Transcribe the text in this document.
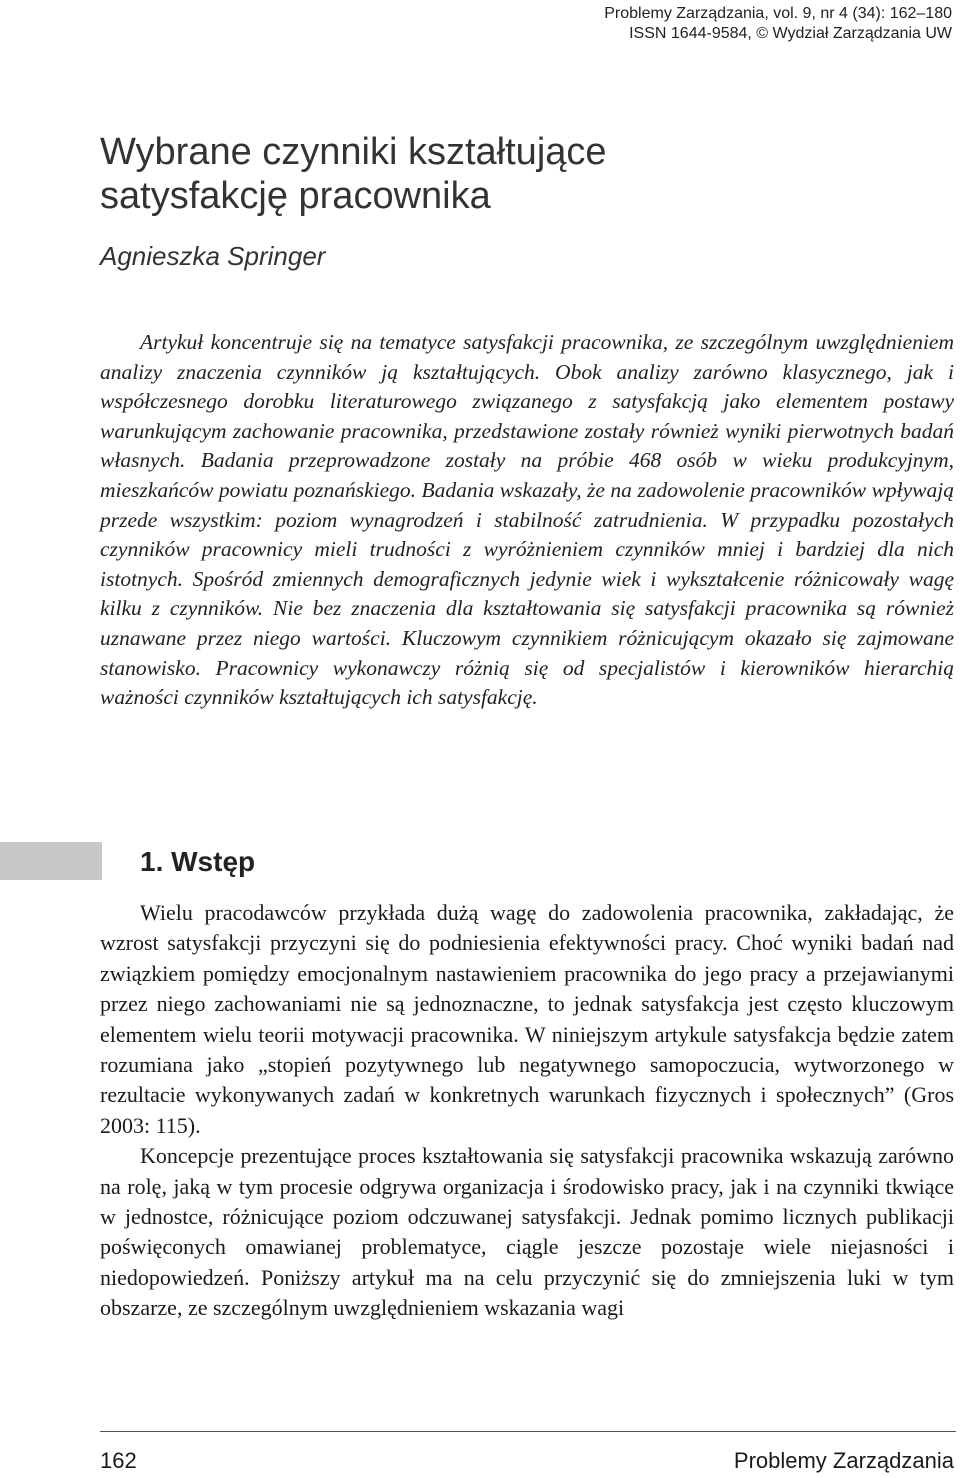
Problemy Zarządzania, vol. 9, nr 4 (34): 162–180
ISSN 1644-9584, © Wydział Zarządzania UW
Wybrane czynniki kształtujące
satysfakcję pracownika
Agnieszka Springer

Artykuł koncentruje się na tematyce satysfakcji pracownika, ze szczególnym uwzględnieniem analizy znaczenia czynników ją kształtujących. Obok analizy zarówno klasycznego, jak i współczesnego dorobku literaturowego związanego z satysfakcją jako elementem postawy warunkującym zachowanie pracownika, przedstawione zostały również wyniki pierwotnych badań własnych. Badania przeprowadzone zostały na próbie 468 osób w wieku produkcyjnym, mieszkańców powiatu poznańskiego. Badania wskazały, że na zadowolenie pracowników wpływają przede wszystkim: poziom wynagrodzeń i stabilność zatrudnienia. W przypadku pozostałych czynników pracownicy mieli trudności z wyróżnieniem czynników mniej i bardziej dla nich istotnych. Spośród zmiennych demograficznych jedynie wiek i wykształcenie różnicowały wagę kilku z czynników. Nie bez znaczenia dla kształtowania się satysfakcji pracownika są również uznawane przez niego wartości. Kluczowym czynnikiem różnicującym okazało się zajmowane stanowisko. Pracownicy wykonawczy różnią się od specjalistów i kierowników hierarchią ważności czynników kształtujących ich satysfakcję.

1. Wstęp

Wielu pracodawców przykłada dużą wagę do zadowolenia pracownika, zakładając, że wzrost satysfakcji przyczyni się do podniesienia efektywności pracy. Choć wyniki badań nad związkiem pomiędzy emocjonalnym nastawieniem pracownika do jego pracy a przejawianymi przez niego zachowaniami nie są jednoznaczne, to jednak satysfakcja jest często kluczowym elementem wielu teorii motywacji pracownika. W niniejszym artykule satysfakcja będzie zatem rozumiana jako „stopień pozytywnego lub negatywnego samopoczucia, wytworzonego w rezultacie wykonywanych zadań w konkretnych warunkach fizycznych i społecznych” (Gros 2003: 115).

Koncepcje prezentujące proces kształtowania się satysfakcji pracownika wskazują zarówno na rolę, jaką w tym procesie odgrywa organizacja i środowisko pracy, jak i na czynniki tkwiące w jednostce, różnicujące poziom odczuwanej satysfakcji. Jednak pomimo licznych publikacji poświęconych omawianej problematyce, ciągle jeszcze pozostaje wiele niejasności i niedopowiedzeń. Poniższy artykuł ma na celu przyczynić się do zmniejszenia luki w tym obszarze, ze szczególnym uwzględnieniem wskazania wagi

162	Problemy Zarządzania
